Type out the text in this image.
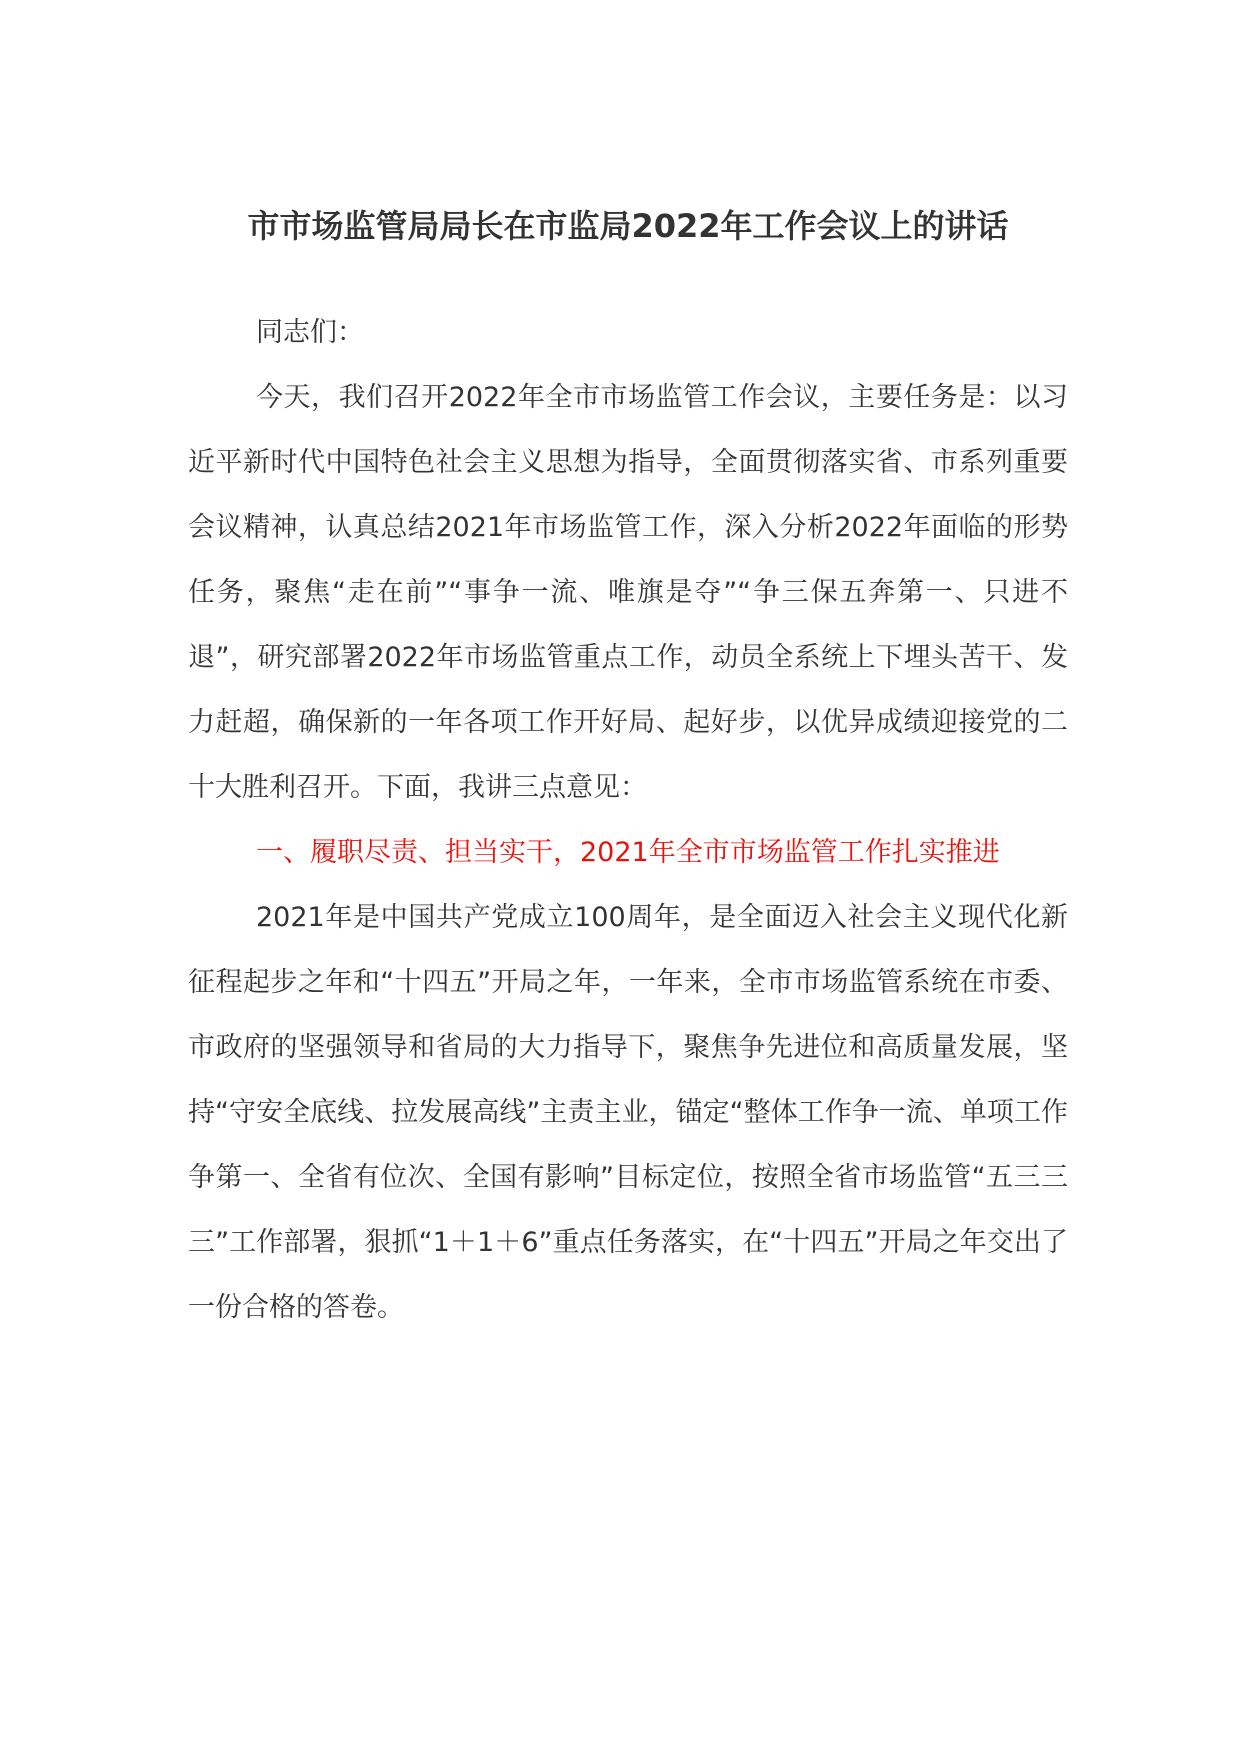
市市场监管局局长在市监局2022年工作会议上的讲话

同志们：

今天，我们召开2022年全市市场监管工作会议，主要任务是：以习近平新时代中国特色社会主义思想为指导，全面贯彻落实省、市系列重要会议精神，认真总结2021年市场监管工作，深入分析2022年面临的形势任务，聚焦“走在前”“事争一流、唯旗是夺”“争三保五奔第一、只进不退”，研究部署2022年市场监管重点工作，动员全系统上下埋头苦干、发力赶超，确保新的一年各项工作开好局、起好步，以优异成绩迎接党的二十大胜利召开。下面，我讲三点意见：

一、履职尽责、担当实干，2021年全市市场监管工作扎实推进

2021年是中国共产党成立100周年，是全面迈入社会主义现代化新征程起步之年和“十四五”开局之年，一年来，全市市场监管系统在市委、市政府的坚强领导和省局的大力指导下，聚焦争先进位和高质量发展，坚持“守安全底线、拉发展高线”主责主业，锚定“整体工作争一流、单项工作争第一、全省有位次、全国有影响”目标定位，按照全省市场监管“五三三三”工作部署，狠抓“1＋1＋6”重点任务落实，在“十四五”开局之年交出了一份合格的答卷。
